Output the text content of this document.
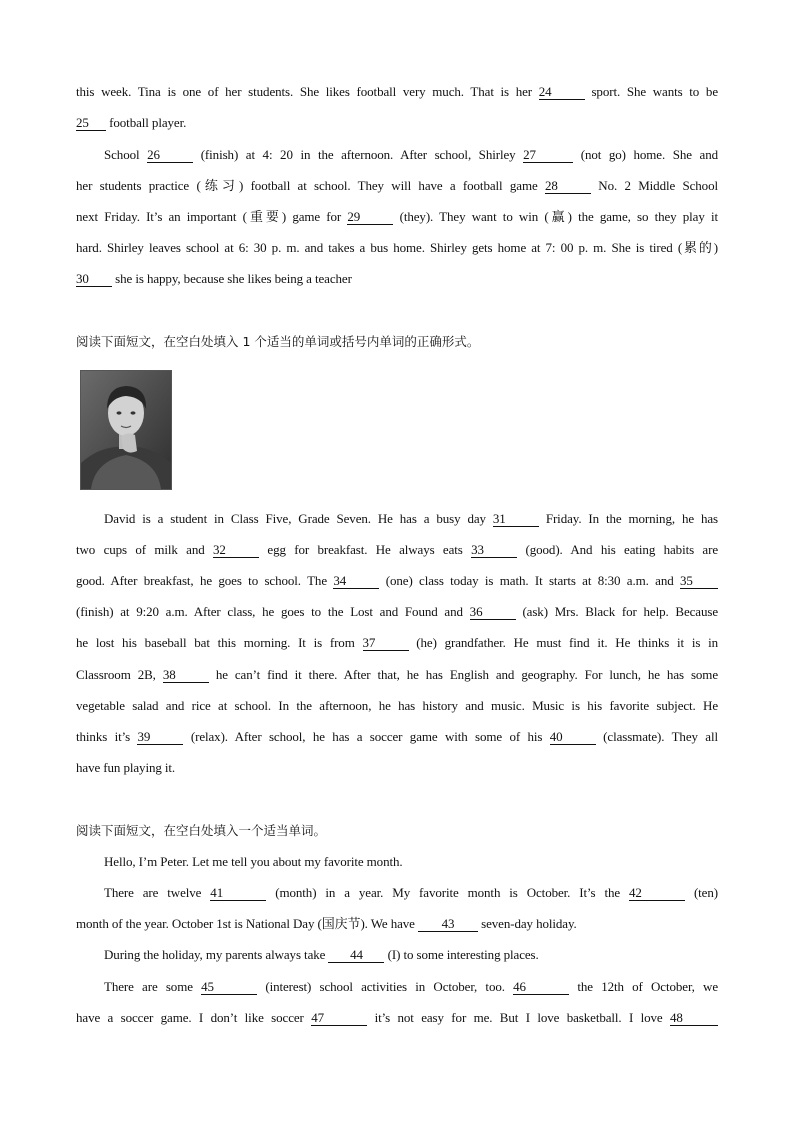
this week. Tina is one of her students. She likes football very much. That is her 24	sport. She wants to be
25 football player.
School 26	(finish) at 4: 20 in the afternoon. After school, Shirley 27	(not go) home. She and
her students practice (练习) football at school. They will have a football game 28	No. 2 Middle School
next Friday. It’s an important (重要) game for 29	(they). They want to win (赢) the game, so they play it
hard. Shirley leaves school at 6: 30 p. m. and takes a bus home. Shirley gets home at 7: 00 p. m. She is tired (累的)
30 she is happy, because she likes being a teacher
阅读下面短文，在空白处填入 1 个适当的单词或括号内单词的正确形式。
David is a student in Class Five, Grade Seven. He has a busy day 31	Friday. In the morning, he has
two cups of milk and 32	egg for breakfast. He always eats 33	(good). And his eating habits are
good. After breakfast, he goes to school. The 34	(one) class today is math. It starts at 8:30 a.m. and 35
(finish) at 9:20 a.m. After class, he goes to the Lost and Found and 36	(ask) Mrs. Black for help. Because
he lost his baseball bat this morning. It is from 37	(he) grandfather. He must find it. He thinks it is in
Classroom 2B, 38	he can’t find it there. After that, he has English and geography. For lunch, he has some
vegetable salad and rice at school. In the afternoon, he has history and music. Music is his favorite subject. He
thinks it’s 39	(relax). After school, he has a soccer game with some of his 40	(classmate). They all
have fun playing it.
阅读下面短文，在空白处填入一个适当单词。
Hello, I’m Peter. Let me tell you about my favorite month.
There are twelve 41	(month) in a year. My favorite month is October. It’s the 42	(ten)
month of the year. October 1st is National Day (国庆节). We have 43 seven-day holiday.
During the holiday, my parents always take 44 (I) to some interesting places.
There are some 45	(interest) school activities in October, too. 46	the 12th of October, we
have a soccer game. I don’t like soccer 47	it’s not easy for me. But I love basketball. I love 48
